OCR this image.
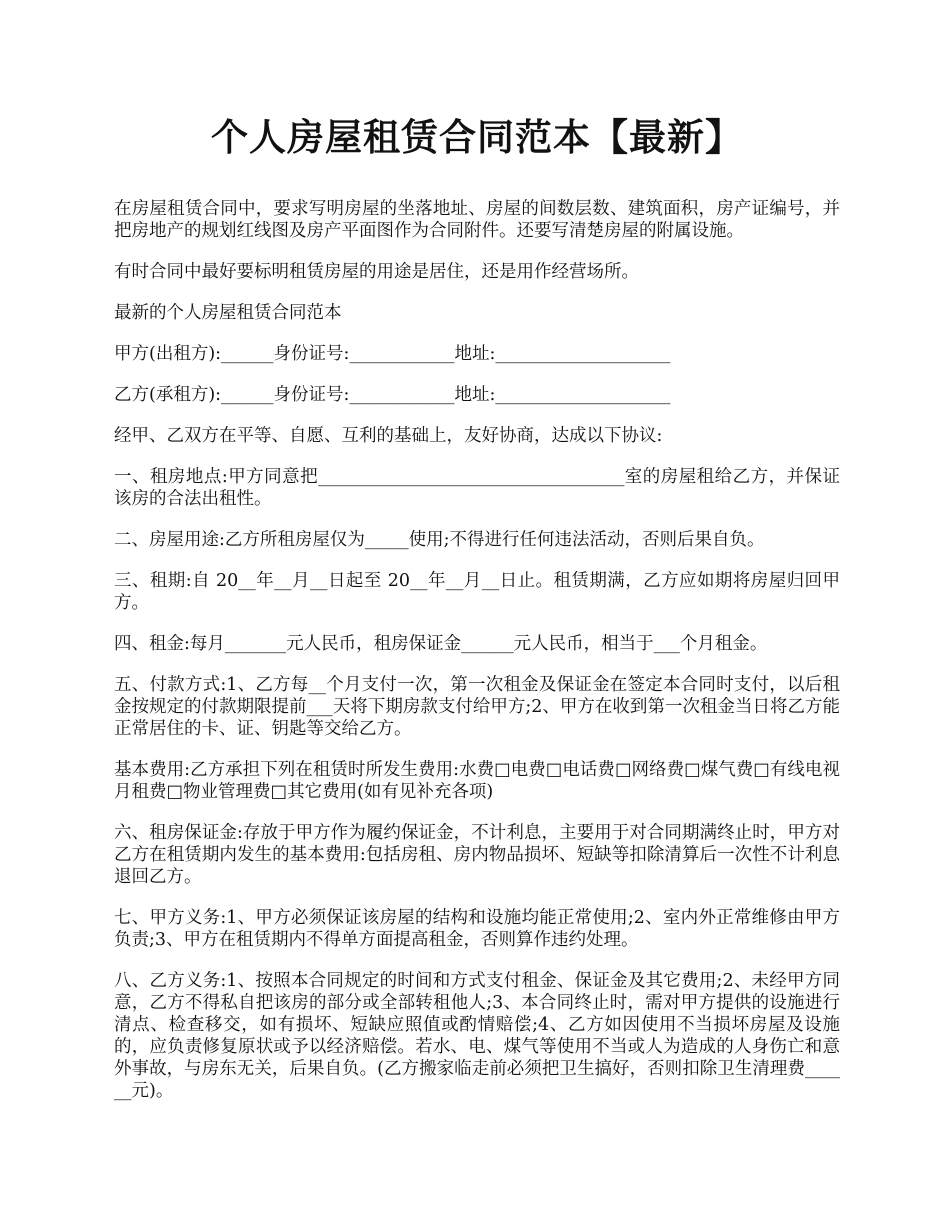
个人房屋租赁合同范本【最新】

在房屋租赁合同中，要求写明房屋的坐落地址、房屋的间数层数、建筑面积，房产证编号，并把房地产的规划红线图及房产平面图作为合同附件。还要写清楚房屋的附属设施。

有时合同中最好要标明租赁房屋的用途是居住，还是用作经营场所。

最新的个人房屋租赁合同范本

甲方(出租方):______身份证号:____________地址:____________________

乙方(承租方):______身份证号:____________地址:____________________

经甲、乙双方在平等、自愿、互利的基础上，友好协商，达成以下协议:

一、租房地点:甲方同意把___________________________________室的房屋租给乙方，并保证该房的合法出租性。

二、房屋用途:乙方所租房屋仅为_____使用;不得进行任何违法活动，否则后果自负。

三、租期:自 20__年__月__日起至 20__年__月__日止。租赁期满，乙方应如期将房屋归回甲方。

四、租金:每月_______元人民币，租房保证金______元人民币，相当于___个月租金。

五、付款方式:1、乙方每__个月支付一次，第一次租金及保证金在签定本合同时支付，以后租金按规定的付款期限提前___天将下期房款支付给甲方;2、甲方在收到第一次租金当日将乙方能正常居住的卡、证、钥匙等交给乙方。

基本费用:乙方承担下列在租赁时所发生费用:水费□电费□电话费□网络费□煤气费□有线电视月租费□物业管理费□其它费用(如有见补充各项)

六、租房保证金:存放于甲方作为履约保证金，不计利息，主要用于对合同期满终止时，甲方对乙方在租赁期内发生的基本费用:包括房租、房内物品损坏、短缺等扣除清算后一次性不计利息退回乙方。

七、甲方义务:1、甲方必须保证该房屋的结构和设施均能正常使用;2、室内外正常维修由甲方负责;3、甲方在租赁期内不得单方面提高租金，否则算作违约处理。

八、乙方义务:1、按照本合同规定的时间和方式支付租金、保证金及其它费用;2、未经甲方同意，乙方不得私自把该房的部分或全部转租他人;3、本合同终止时，需对甲方提供的设施进行清点、检查移交，如有损坏、短缺应照值或酌情赔偿;4、乙方如因使用不当损坏房屋及设施的，应负责修复原状或予以经济赔偿。若水、电、煤气等使用不当或人为造成的人身伤亡和意外事故，与房东无关，后果自负。(乙方搬家临走前必须把卫生搞好，否则扣除卫生清理费______元)。
